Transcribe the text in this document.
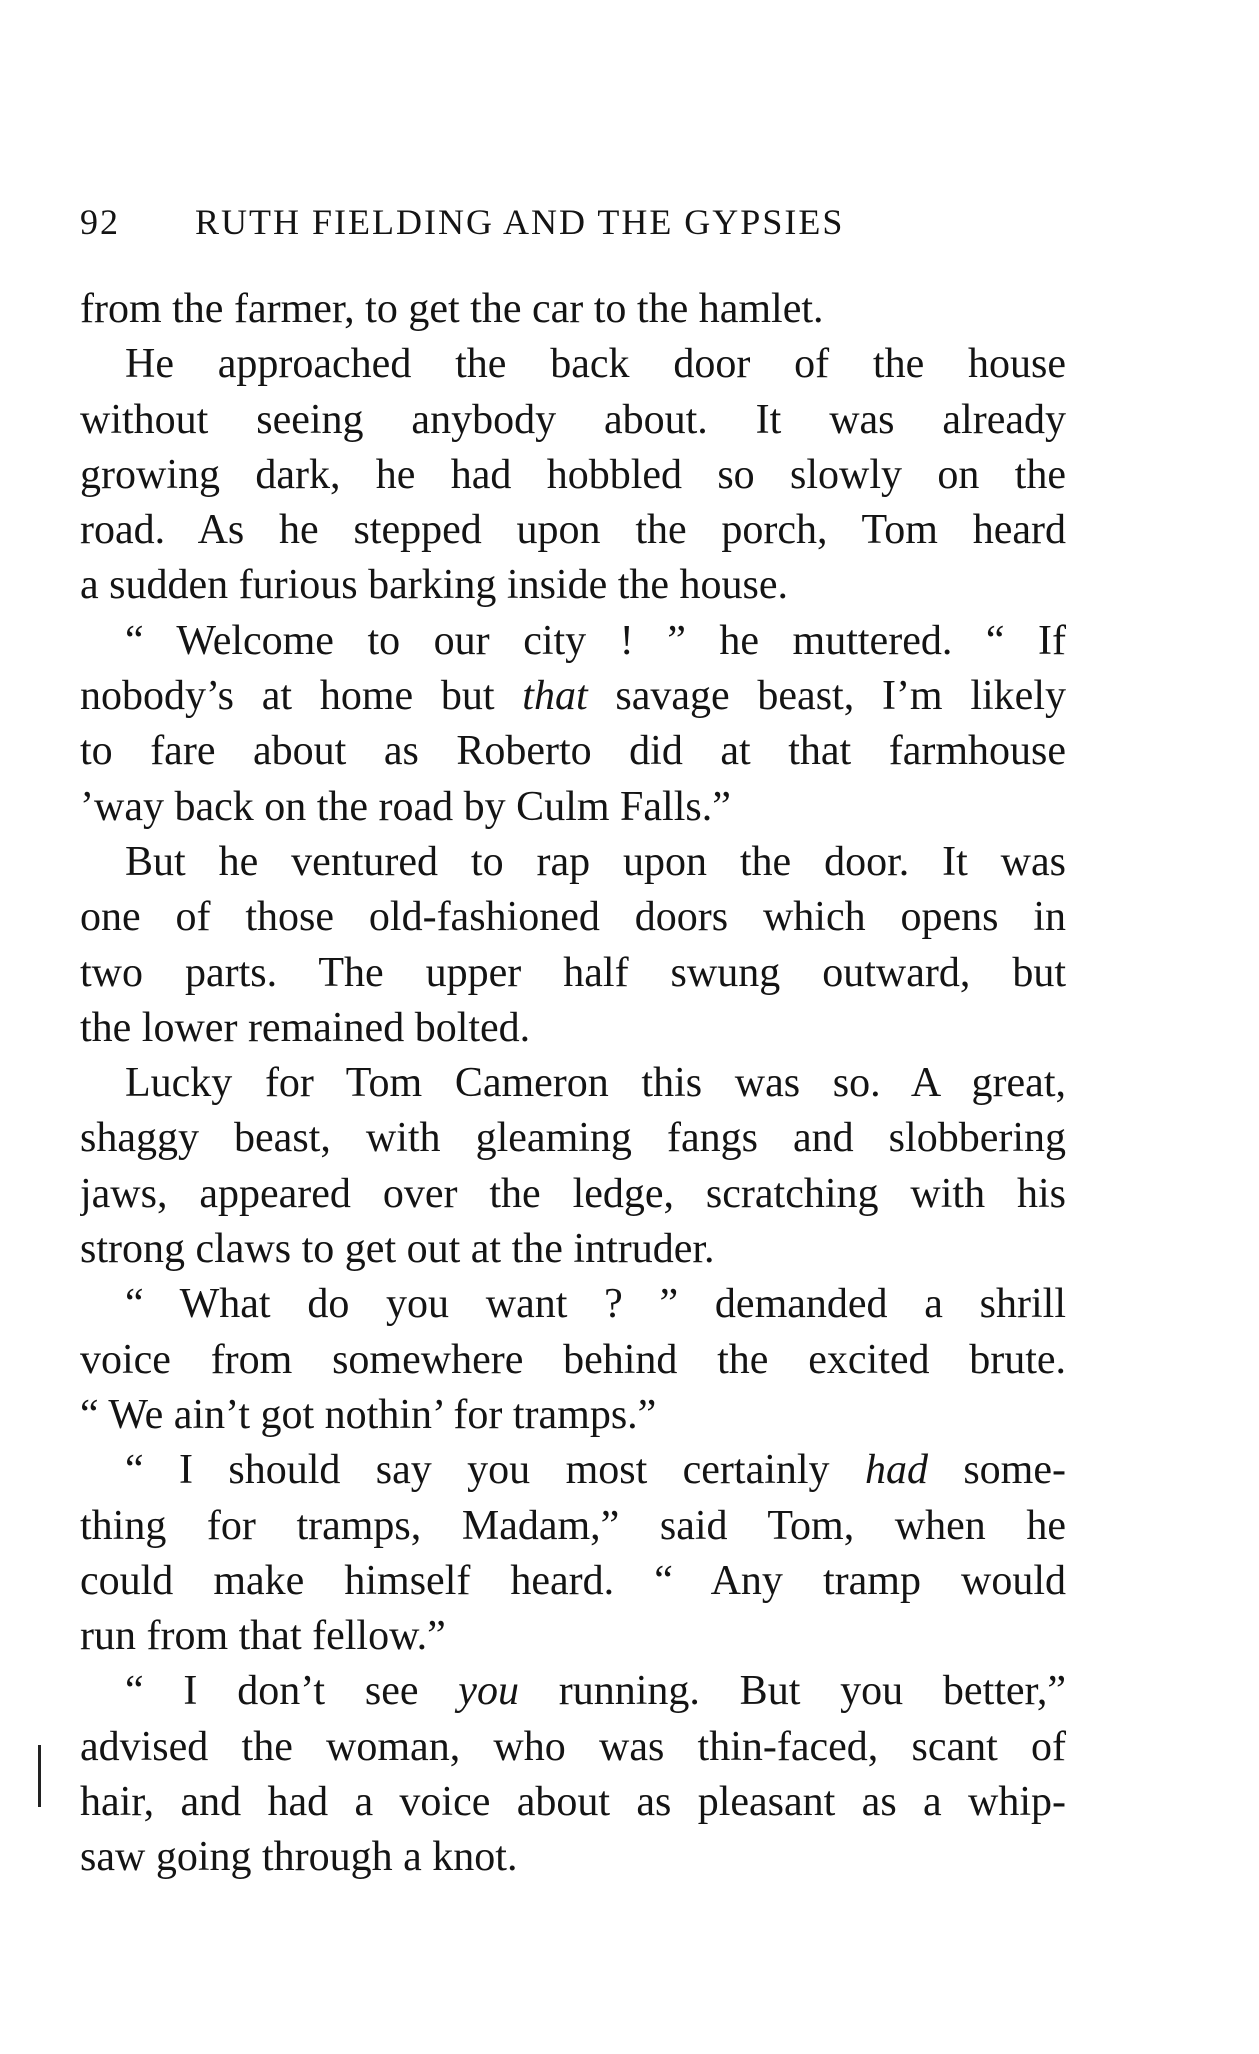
92 RUTH FIELDING AND THE GYPSIES
from the farmer, to get the car to the hamlet.
He approached the back door of the house
without seeing anybody about. It was already
growing dark, he had hobbled so slowly on the
road. As he stepped upon the porch, Tom heard
a sudden furious barking inside the house.
“ Welcome to our city ! ” he muttered. “ If
nobody’s at home but that savage beast, I’m likely
to fare about as Roberto did at that farmhouse
’way back on the road by Culm Falls.”
But he ventured to rap upon the door. It was
one of those old-fashioned doors which opens in
two parts. The upper half swung outward, but
the lower remained bolted.
Lucky for Tom Cameron this was so. A great,
shaggy beast, with gleaming fangs and slobbering
jaws, appeared over the ledge, scratching with his
strong claws to get out at the intruder.
“ What do you want ? ” demanded a shrill
voice from somewhere behind the excited brute.
“ We ain’t got nothin’ for tramps.”
“ I should say you most certainly had some-
thing for tramps, Madam,” said Tom, when he
could make himself heard. “ Any tramp would
run from that fellow.”
“ I don’t see you running. But you better,”
advised the woman, who was thin-faced, scant of
hair, and had a voice about as pleasant as a whip-
saw going through a knot.
